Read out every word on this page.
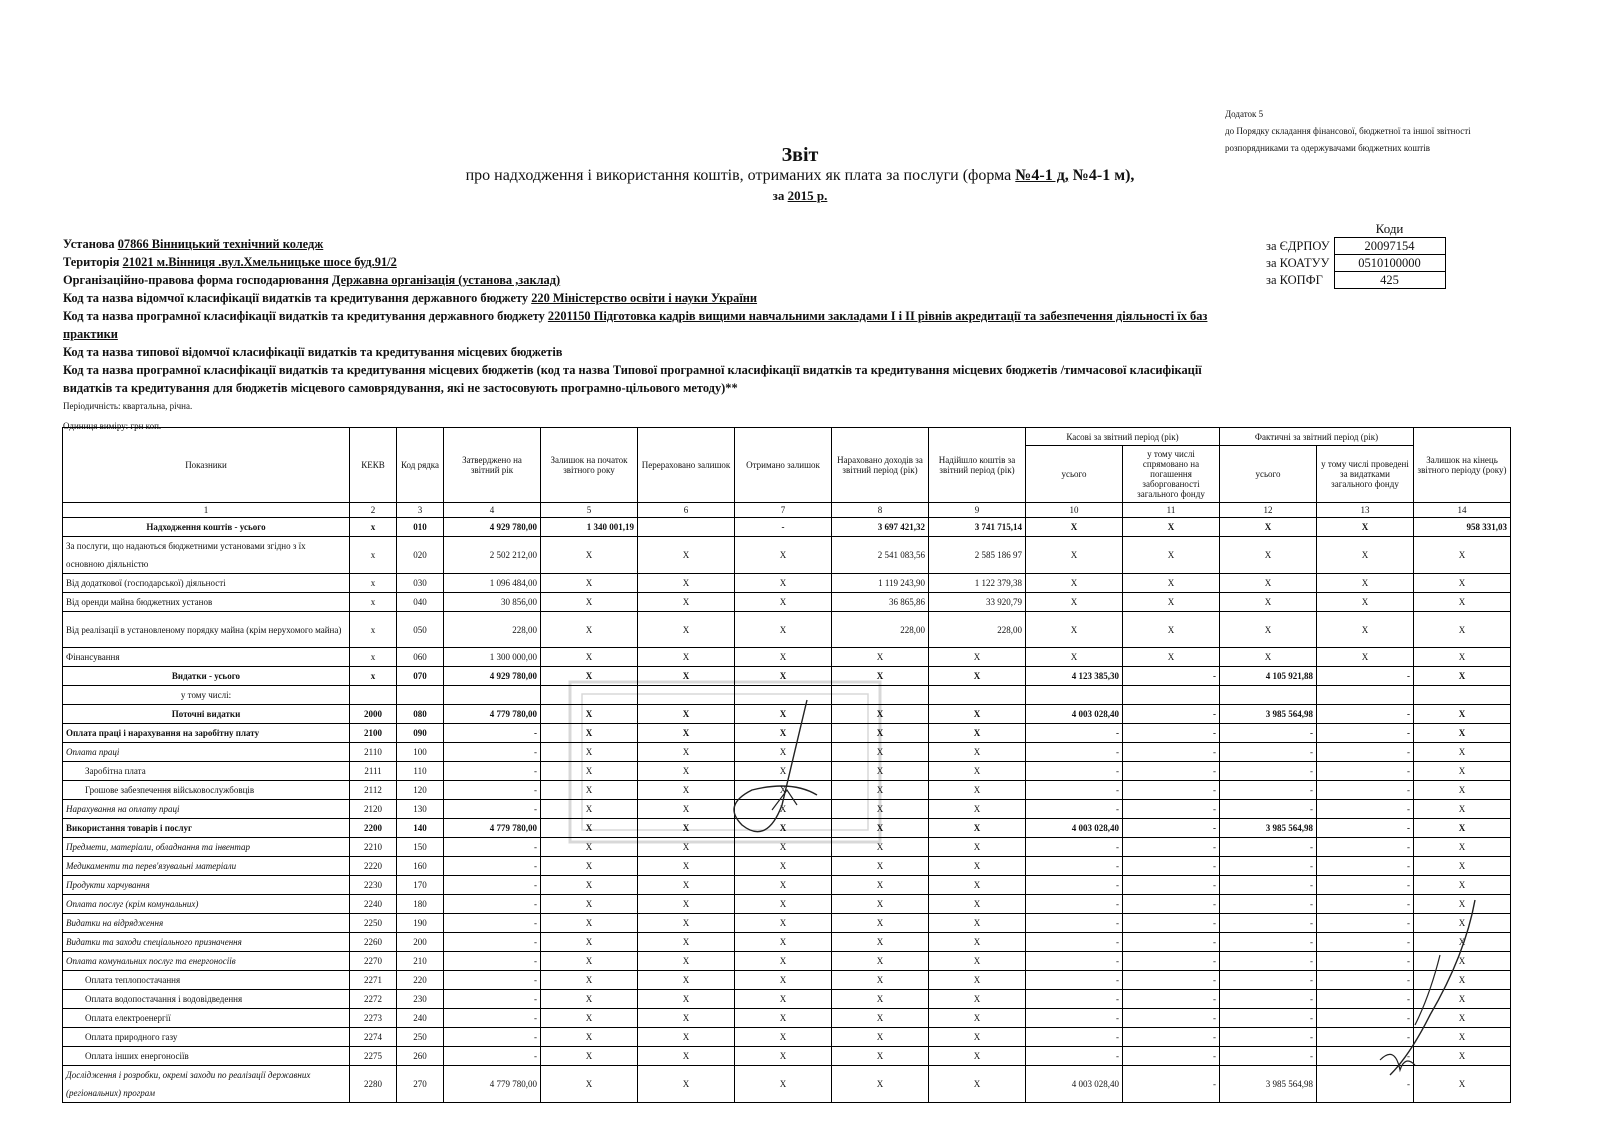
Додаток 5
до Порядку складання фінансової, бюджетної та іншої звітності
розпорядниками та одержувачами бюджетних коштів
Звіт
про надходження і використання коштів, отриманих як плата за послуги (форма №4-1 д, №4-1 м),
за 2015 р.
	Коди
за ЄДРПОУ	20097154
за КОАТУУ	0510100000
за КОПФГ	425
Установа 07866 Вінницький технічний коледж
Територія 21021 м.Вінниця .вул.Хмельницьке шосе буд.91/2
Організаційно-правова форма господарювання Державна організація (установа ,заклад)
Код та назва відомчої класифікації видатків та кредитування державного бюджету 220 Міністерство освіти і науки України
Код та назва програмної класифікації видатків та кредитування державного бюджету 2201150 Підготовка кадрів вищими навчальними закладами I і II рівнів акредитації та забезпечення діяльності їх баз практики
Код та назва типової відомчої класифікації видатків та кредитування місцевих бюджетів
Код та назва програмної класифікації видатків та кредитування місцевих бюджетів (код та назва Типової програмної класифікації видатків та кредитування місцевих бюджетів /тимчасової класифікації видатків та кредитування для бюджетів місцевого самоврядування, які не застосовують програмно-цільового методу)**
Періодичність: квартальна, річна.
Одиниця виміру: грн коп.
Показники	КЕКВ	Код рядка	Затверджено на звітний рік	Залишок на початок звітного року	Перераховано залишок	Отримано залишок	Нараховано доходів за звітний період (рік)	Надійшло коштів за звітний період (рік)	Касові за звітний період (рік)		Фактичні за звітний період (рік)		Залишок на кінець звітного періоду (року)
									усього	у тому числі спрямовано на погашення заборгованості загального фонду	усього	у тому числі проведені за видатками загального фонду	
1	2	3	4	5	6	7	8	9	10	11	12	13	14
Надходження коштів - усього	x	010	4 929 780,00	1 340 001,19		-	3 697 421,32	3 741 715,14	X	X	X	X	958 331,03
За послуги, що надаються бюджетними установами згідно з їх основною діяльністю	x	020	2 502 212,00	X	X	X	2 541 083,56	2 585 186 97	X	X	X	X	X
Від додаткової (господарської) діяльності	x	030	1 096 484,00	X	X	X	1 119 243,90	1 122 379,38	X	X	X	X	X
Від оренди майна бюджетних установ	x	040	30 856,00	X	X	X	36 865,86	33 920,79	X	X	X	X	X
Від реалізації в установленому порядку майна (крім нерухомого майна)	x	050	228,00	X	X	X	228,00	228,00	X	X	X	X	X
Фінансування	x	060	1 300 000,00	X	X	X	X	X	X	X	X	X	X
Видатки - усього	x	070	4 929 780,00	X	X	X	X	X	4 123 385,30	-	4 105 921,88	-	X
у тому числі:													
Поточні видатки	2000	080	4 779 780,00	X	X	X	X	X	4 003 028,40	-	3 985 564,98	-	X
Оплата праці і нарахування на заробітну плату	2100	090	-	X	X	X	X	X	-	-	-	-	X
Оплата праці	2110	100	-	X	X	X	X	X	-	-	-	-	X
Заробітна плата	2111	110	-	X	X	X	X	X	-	-	-	-	X
Грошове забезпечення військовослужбовців	2112	120	-	X	X	X	X	X	-	-	-	-	X
Нарахування на оплату праці	2120	130	-	X	X	X	X	X	-	-	-	-	X
Використання товарів і послуг	2200	140	4 779 780,00	X	X	X	X	X	4 003 028,40	-	3 985 564,98	-	X
Предмети, матеріали, обладнання та інвентар	2210	150	-	X	X	X	X	X	-	-	-	-	X
Медикаменти та перев'язувальні матеріали	2220	160	-	X	X	X	X	X	-	-	-	-	X
Продукти харчування	2230	170	-	X	X	X	X	X	-	-	-	-	X
Оплата послуг (крім комунальних)	2240	180	-	X	X	X	X	X	-	-	-	-	X
Видатки на відрядження	2250	190	-	X	X	X	X	X	-	-	-	-	X
Видатки та заходи спеціального призначення	2260	200	-	X	X	X	X	X	-	-	-	-	X
Оплата комунальних послуг та енергоносіїв	2270	210	-	X	X	X	X	X	-	-	-	-	X
Оплата теплопостачання	2271	220	-	X	X	X	X	X	-	-	-	-	X
Оплата водопостачання і водовідведення	2272	230	-	X	X	X	X	X	-	-	-	-	X
Оплата електроенергії	2273	240	-	X	X	X	X	X	-	-	-	-	X
Оплата природного газу	2274	250	-	X	X	X	X	X	-	-	-	-	X
Оплата інших енергоносіїв	2275	260	-	X	X	X	X	X	-	-	-	-	X
Дослідження і розробки, окремі заходи по реалізації державних (регіональних) програм	2280	270	4 779 780,00	X	X	X	X	X	4 003 028,40	-	3 985 564,98	-	X
